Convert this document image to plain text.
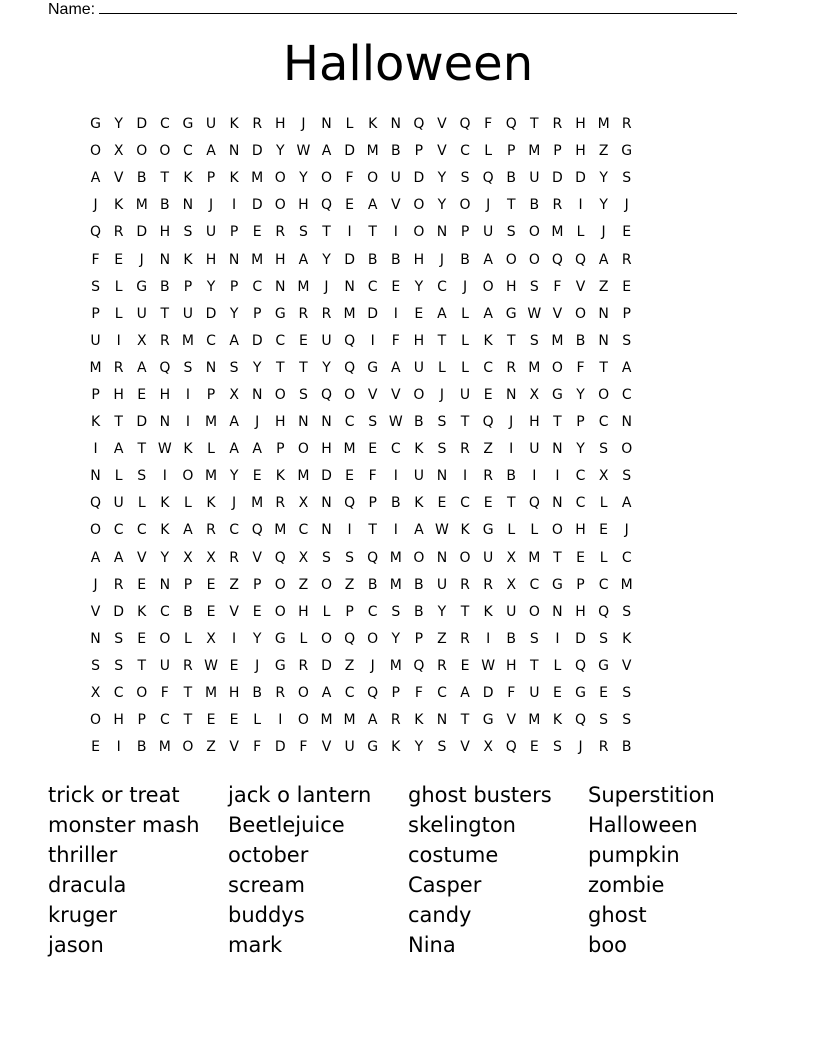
Name:
Halloween
G Y D C G U K R H	J	N L	K N Q V Q F Q T R H M R
O X O O C A N D Y W A D M B	P	V C	L	P M P H Z G
A V B	T	K	P	K M O Y O F O U D Y	S Q B U D D Y	S
J	K M B N	J	I	D O H Q E A V O Y O	J	T	B R	I	Y	J
Q R D H S U P	E R S	T	I	T	I	O N P U S O M L	J	E
F	E	J	N K H N M H A	Y D B B H	J	B A O O Q Q A R
S	L G B	P	Y	P C N M	J	N C E	Y C	J	O H S	F	V Z E
P	L	U T U D Y	P G R R M D	I	E A	L	A G W V O N P
U	I	X R M C A D C E U Q	I	F H T	L	K	T	S M B N S
M R A Q S N S	Y	T	T	Y Q G A U	L	L	C R M O F	T	A
P H E H	I	P	X N O S Q O V V O	J	U E N X G Y O C
K	T D N	I	M A	J	H N N C S W B S	T Q	J	H T	P C N
I	A	T W K	L	A A	P O H M E C K	S R Z	I	U N Y	S O
N L	S	I	O M Y	E	K M D E	F	I	U N	I	R B	I	I	C X S
Q U	L	K	L	K	J	M R X N Q P	B K	E C E	T Q N C	L	A
O C C K A R C Q M C N	I	T	I	A W K G L	L O H E	J
A A V	Y	X X R V Q X S	S Q M O N O U X M T	E	L	C
J	R E N P	E Z	P O Z O Z B M B U R R X C G P C M
V D K C B E V E O H L	P C S B	Y	T	K U O N H Q S
N S	E O L	X	I	Y G L O Q O Y	P	Z R	I	B S	I	D S	K
S	S	T U R W E	J	G R D Z	J	M Q R E W H T	L Q G V
X C O F	T M H B R O A C Q P	F	C A D F U E G E	S
O H P C T	E	E	L	I	O M M A R K N T G V M K Q S	S
E	I	B M O Z V	F D F	V U G K	Y	S V X Q E	S	J	R B
trick or treat	jack o lantern	ghost busters	Superstition
monster mash	Beetlejuice	skelington	Halloween
thriller	october	costume	pumpkin
dracula	scream	Casper	zombie
kruger	buddys	candy	ghost
jason	mark	Nina	boo
